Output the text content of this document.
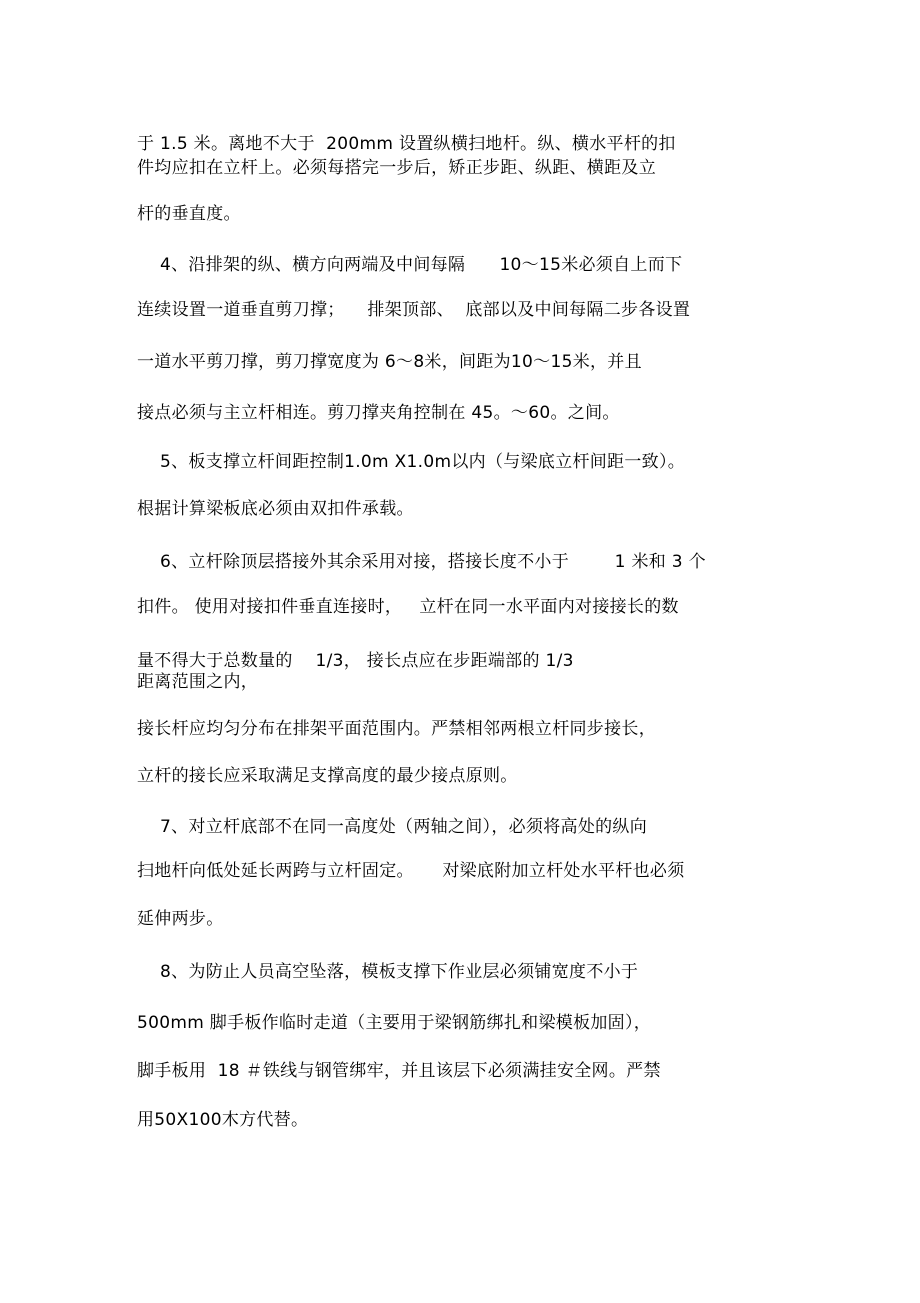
于 1.5 米。离地不大于  200mm 设置纵横扫地杆。纵、横水平杆的扣
件均应扣在立杆上。必须每搭完一步后，矫正步距、纵距、横距及立
杆的垂直度。
4、沿排架的纵、横方向两端及中间每隔      10～15米必须自上而下
连续设置一道垂直剪刀撑；    排架顶部、  底部以及中间每隔二步各设置
一道水平剪刀撑，剪刀撑宽度为 6～8米，间距为10～15米，并且
接点必须与主立杆相连。剪刀撑夹角控制在 45。～60。之间。
5、板支撑立杆间距控制1.0m X1.0m以内（与梁底立杆间距一致）。
根据计算梁板底必须由双扣件承载。
6、立杆除顶层搭接外其余采用对接，搭接长度不小于        1 米和 3 个
扣件。 使用对接扣件垂直连接时，   立杆在同一水平面内对接接长的数
量不得大于总数量的    1/3， 接长点应在步距端部的 1/3
距离范围之内，
接长杆应均匀分布在排架平面范围内。严禁相邻两根立杆同步接长，
立杆的接长应采取满足支撑高度的最少接点原则。
7、对立杆底部不在同一高度处（两轴之间），必须将高处的纵向
扫地杆向低处延长两跨与立杆固定。     对梁底附加立杆处水平杆也必须
延伸两步。
8、为防止人员高空坠落，模板支撑下作业层必须铺宽度不小于
500mm 脚手板作临时走道（主要用于梁钢筋绑扎和梁模板加固），
脚手板用  18 ＃铁线与钢管绑牢，并且该层下必须满挂安全网。严禁
用50X100木方代替。
